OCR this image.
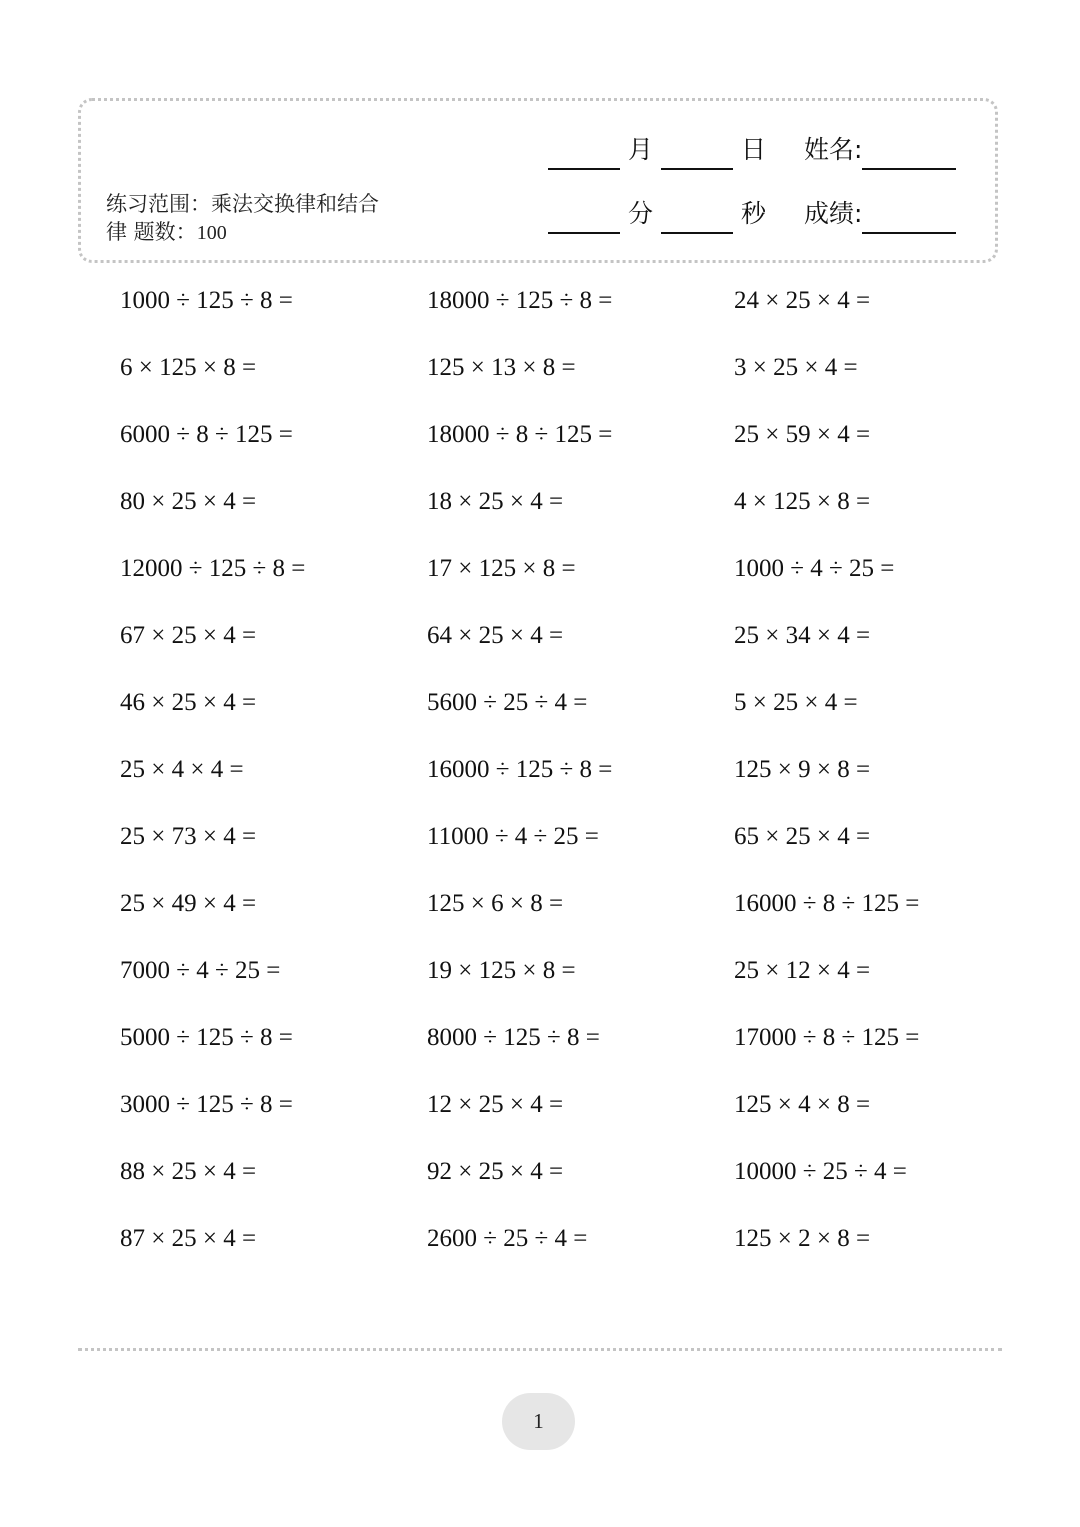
练习范围：乘法交换律和结合
律 题数：100
月	日 姓名:
分	秒 成绩:
1000 ÷ 125 ÷ 8 =	18000 ÷ 125 ÷ 8 =	24 × 25 × 4 =
6 × 125 × 8 =	125 × 13 × 8 =	3 × 25 × 4 =
6000 ÷ 8 ÷ 125 =	18000 ÷ 8 ÷ 125 =	25 × 59 × 4 =
80 × 25 × 4 =	18 × 25 × 4 =	4 × 125 × 8 =
12000 ÷ 125 ÷ 8 =	17 × 125 × 8 =	1000 ÷ 4 ÷ 25 =
67 × 25 × 4 =	64 × 25 × 4 =	25 × 34 × 4 =
46 × 25 × 4 =	5600 ÷ 25 ÷ 4 =	5 × 25 × 4 =
25 × 4 × 4 =	16000 ÷ 125 ÷ 8 =	125 × 9 × 8 =
25 × 73 × 4 =	11000 ÷ 4 ÷ 25 =	65 × 25 × 4 =
25 × 49 × 4 =	125 × 6 × 8 =	16000 ÷ 8 ÷ 125 =
7000 ÷ 4 ÷ 25 =	19 × 125 × 8 =	25 × 12 × 4 =
5000 ÷ 125 ÷ 8 =	8000 ÷ 125 ÷ 8 =	17000 ÷ 8 ÷ 125 =
3000 ÷ 125 ÷ 8 =	12 × 25 × 4 =	125 × 4 × 8 =
88 × 25 × 4 =	92 × 25 × 4 =	10000 ÷ 25 ÷ 4 =
87 × 25 × 4 =	2600 ÷ 25 ÷ 4 =	125 × 2 × 8 =
1
